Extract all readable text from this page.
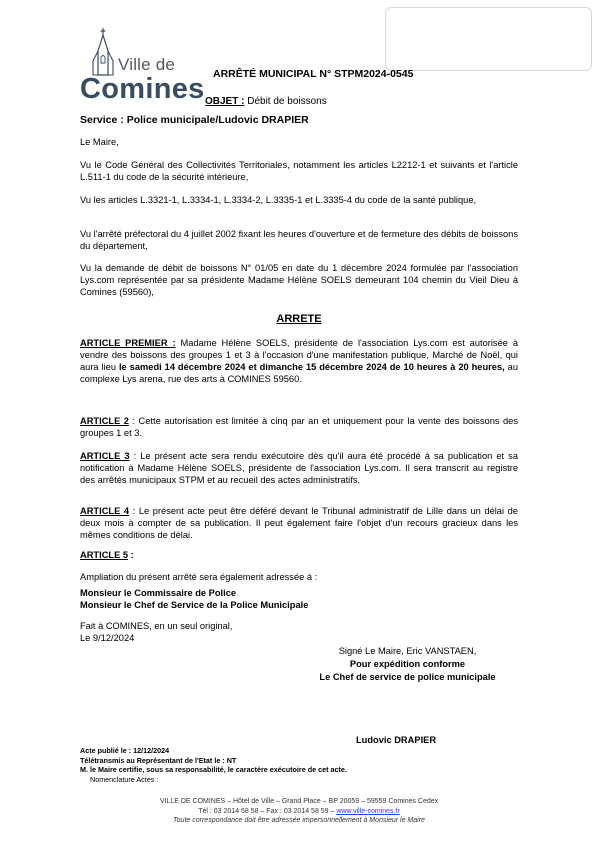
Ville de
Comines ARRÊTÉ MUNICIPAL N° STPM2024-0545
OBJET : Débit de boissons
Service : Police municipale/Ludovic DRAPIER

Le Maire,

Vu le Code Général des Collectivités Territoriales, notamment les articles L2212-1 et suivants et l'article L.511-1 du code de la sécurité intérieure,

Vu les articles L.3321-1, L.3334-1, L.3334-2, L.3335-1 et L.3335-4 du code de la santé publique,

Vu l'arrêté préfectoral du 4 juillet 2002 fixant les heures d'ouverture et de fermeture des débits de boissons du département,

Vu la demande de débit de boissons N° 01/05 en date du 1 décembre 2024 formulée par l'association Lys.com représentée par sa présidente Madame Hélène SOELS demeurant 104 chemin du Vieil Dieu à Comines (59560),

ARRETE

ARTICLE PREMIER : Madame Hélène SOELS, présidente de l'association Lys.com est autorisée à vendre des boissons des groupes 1 et 3 à l'occasion d'une manifestation publique, Marché de Noël, qui aura lieu le samedi 14 décembre 2024 et dimanche 15 décembre 2024 de 10 heures à 20 heures, au complexe Lys arena, rue des arts à COMINES 59560.

ARTICLE 2 : Cette autorisation est limitée à cinq par an et uniquement pour la vente des boissons des groupes 1 et 3.

ARTICLE 3 : Le présent acte sera rendu exécutoire dès qu'il aura été procédé à sa publication et sa notification à Madame Hélène SOELS, présidente de l'association Lys.com. Il sera transcrit au registre des arrêtés municipaux STPM et au recueil des actes administratifs.

ARTICLE 4 : Le présent acte peut être déféré devant le Tribunal administratif de Lille dans un délai de deux mois à compter de sa publication. Il peut également faire l'objet d'un recours gracieux dans les mêmes conditions de délai.

ARTICLE 5 :

Ampliation du présent arrêté sera également adressée à :

Monsieur le Commissaire de Police

Monsieur le Chef de Service de la Police Municipale

Fait à COMINES, en un seul original,

Le 9/12/2024

Signé Le Maire, Eric VANSTAEN,
Pour expédition conforme
Le Chef de service de police municipale
Ludovic DRAPIER
Acte publié le : 12/12/2024
Télétransmis au Représentant de l'Etat le : NT
M. le Maire certifie, sous sa responsabilité, le caractère exécutoire de cet acte.
Nomenclature Actes :
VILLE DE COMINES – Hôtel de Ville – Grand Place – BP 20059 – 59559 Comines Cedex
Tél : 03 2014 58 58 – Fax : 03 2014 58 59 – www.ville-comines.fr
Toute correspondance doit être adressée impersonnellement à Monsieur le Maire
